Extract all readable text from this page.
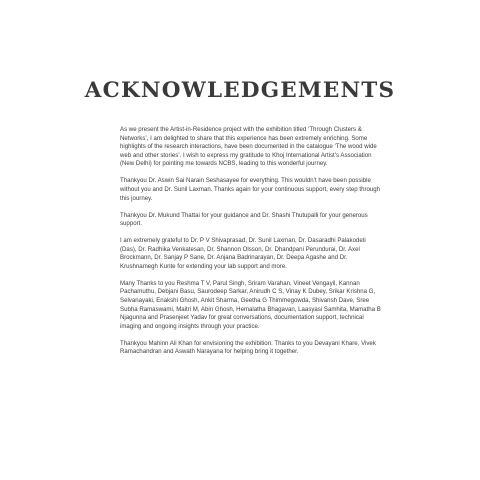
ACKNOWLEDGEMENTS

As we present the Artist-in-Residence project with the exhibition titled ‘Through Clusters & Networks’, I am delighted to share that this experience has been extremely enriching. Some highlights of the research interactions, have been documented in the catalogue ‘The wood wide web and other stories’. I wish to express my gratitude to Khoj International Artist’s Association (New Delhi) for pointing me towards NCBS, leading to this wonderful journey.

Thankyou Dr. Aswin Sai Narain Seshasayee for everything. This wouldn’t have been possible without you and Dr. Sunil Laxman. Thanks again for your continuous support, every step through this journey.

Thankyou Dr. Mukund Thattai for your guidance and Dr. Shashi Thutupalli for your generous support.

I am extremely grateful to Dr. P V Shivaprasad, Dr. Sunil Laxman, Dr. Dasaradhi Palakodeti (Das), Dr. Radhika Venkatesan, Dr. Shannon Olsson, Dr. Dhandpani Perundurai, Dr. Axel Brockmann, Dr. Sanjay P Sane, Dr. Anjana Badrinarayan, Dr. Deepa Agashe and Dr. Krushnamegh Kunte for extending your lab support and more.

Many Thanks to you Reshma T V, Parul Singh, Sriram Varahan, Vineet Vengayil, Kannan Pachamuthu, Debjani Basu, Saurodeep Sarkar, Anirudh C S, Vinay K Dubey, Srikar Krishna G, Selvanayaki, Enakshi Ghosh, Ankit Sharma, Geetha G Thimmegowda, Shivansh Dave, Sree Subha Ramaswami, Maitri M, Abin Ghosh, Hemalatha Bhagavan, Laasyasi Samhita, Mamatha B Njagunna and Prasenjeet Yadav for great conversations, documentation support, technical imaging and ongoing insights through your practice.

Thankyou Mahinn Ali Khan for envisioning the exhibition. Thanks to you Devayani Khare, Vivek Ramachandran and Aswath Narayana for helping bring it together.
